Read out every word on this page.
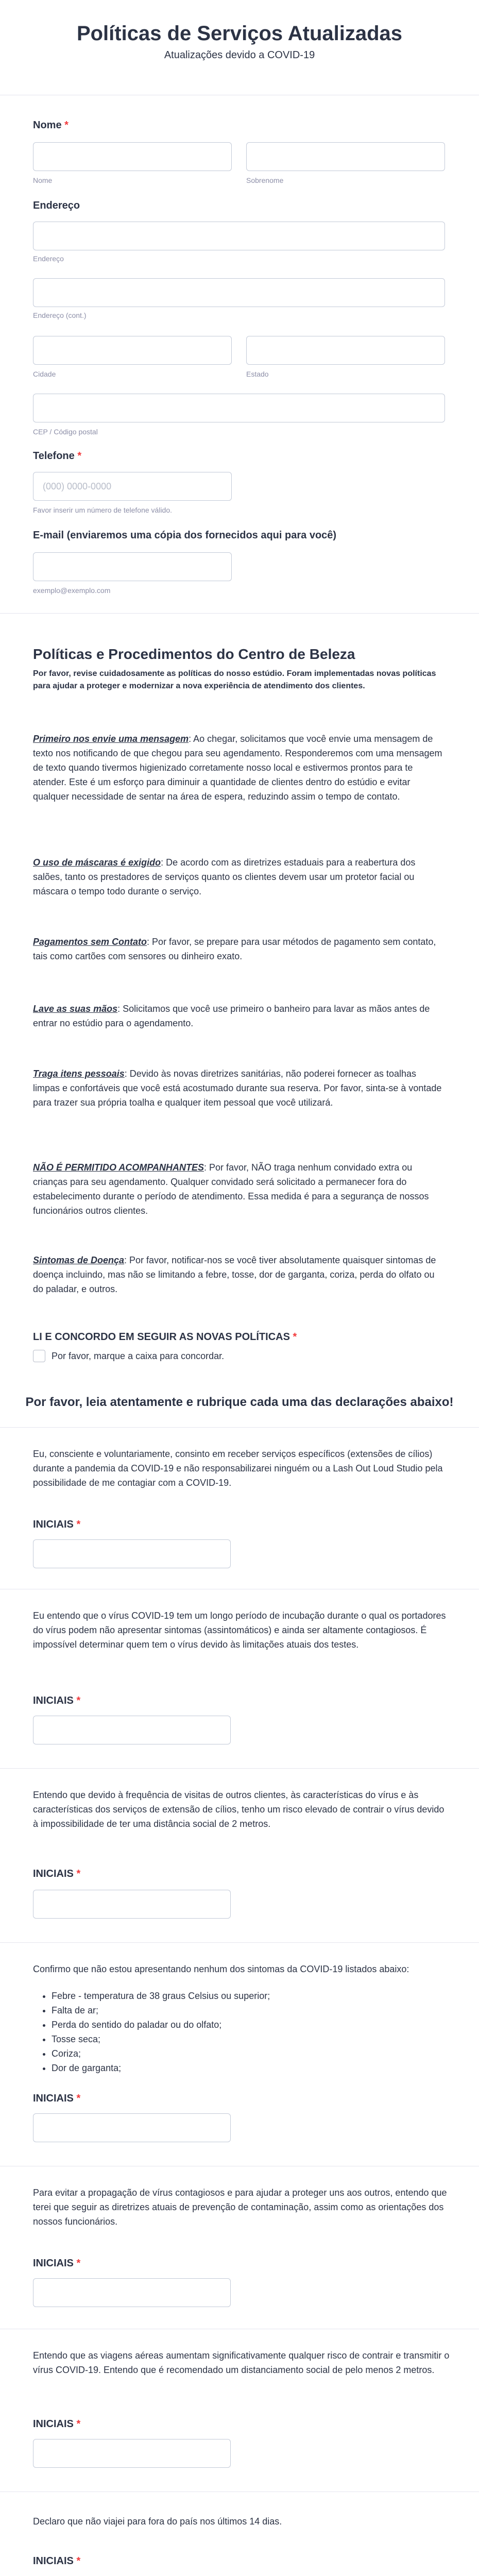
Políticas de Serviços Atualizadas
Atualizações devido a COVID-19
Nome *
Nome	Sobrenome
Endereço
Endereço
Endereço (cont.)
Cidade	Estado
CEP / Código postal
Telefone *
(000) 0000-0000
Favor inserir um número de telefone válido.
E-mail (enviaremos uma cópia dos fornecidos aqui para você)
exemplo@exemplo.com
Políticas e Procedimentos do Centro de Beleza
Por favor, revise cuidadosamente as políticas do nosso estúdio. Foram implementadas novas políticas para ajudar a proteger e modernizar a nova experiência de atendimento dos clientes.
Primeiro nos envie uma mensagem: Ao chegar, solicitamos que você envie uma mensagem de texto nos notificando de que chegou para seu agendamento. Responderemos com uma mensagem de texto quando tivermos higienizado corretamente nosso local e estivermos prontos para te atender. Este é um esforço para diminuir a quantidade de clientes dentro do estúdio e evitar qualquer necessidade de sentar na área de espera, reduzindo assim o tempo de contato.
O uso de máscaras é exigido: De acordo com as diretrizes estaduais para a reabertura dos salões, tanto os prestadores de serviços quanto os clientes devem usar um protetor facial ou máscara o tempo todo durante o serviço.
Pagamentos sem Contato: Por favor, se prepare para usar métodos de pagamento sem contato, tais como cartões com sensores ou dinheiro exato.
Lave as suas mãos: Solicitamos que você use primeiro o banheiro para lavar as mãos antes de entrar no estúdio para o agendamento.
Traga itens pessoais: Devido às novas diretrizes sanitárias, não poderei fornecer as toalhas limpas e confortáveis que você está acostumado durante sua reserva. Por favor, sinta-se à vontade para trazer sua própria toalha e qualquer item pessoal que você utilizará.
NÃO É PERMITIDO ACOMPANHANTES: Por favor, NÃO traga nenhum convidado extra ou crianças para seu agendamento. Qualquer convidado será solicitado a permanecer fora do estabelecimento durante o período de atendimento. Essa medida é para a segurança de nossos funcionários outros clientes.
Sintomas de Doença: Por favor, notificar-nos se você tiver absolutamente quaisquer sintomas de doença incluindo, mas não se limitando a febre, tosse, dor de garganta, coriza, perda do olfato ou do paladar, e outros.
LI E CONCORDO EM SEGUIR AS NOVAS POLÍTICAS *
Por favor, marque a caixa para concordar.
Por favor, leia atentamente e rubrique cada uma das declarações abaixo!
Eu, consciente e voluntariamente, consinto em receber serviços específicos (extensões de cílios) durante a pandemia da COVID-19 e não responsabilizarei ninguém ou a Lash Out Loud Studio pela possibilidade de me contagiar com a COVID-19.
INICIAIS *
Eu entendo que o vírus COVID-19 tem um longo período de incubação durante o qual os portadores do vírus podem não apresentar sintomas (assintomáticos) e ainda ser altamente contagiosos. É impossível determinar quem tem o vírus devido às limitações atuais dos testes.
INICIAIS *
Entendo que devido à frequência de visitas de outros clientes, às características do vírus e às características dos serviços de extensão de cílios, tenho um risco elevado de contrair o vírus devido à impossibilidade de ter uma distância social de 2 metros.
INICIAIS *
Confirmo que não estou apresentando nenhum dos sintomas da COVID-19 listados abaixo:
• Febre - temperatura de 38 graus Celsius ou superior;
• Falta de ar;
• Perda do sentido do paladar ou do olfato;
• Tosse seca;
• Coriza;
• Dor de garganta;
INICIAIS *
Para evitar a propagação de vírus contagiosos e para ajudar a proteger uns aos outros, entendo que terei que seguir as diretrizes atuais de prevenção de contaminação, assim como as orientações dos nossos funcionários.
INICIAIS *
Entendo que as viagens aéreas aumentam significativamente qualquer risco de contrair e transmitir o vírus COVID-19. Entendo que é recomendado um distanciamento social de pelo menos 2 metros.
INICIAIS *
Declaro que não viajei para fora do país nos últimos 14 dias.
INICIAIS *
